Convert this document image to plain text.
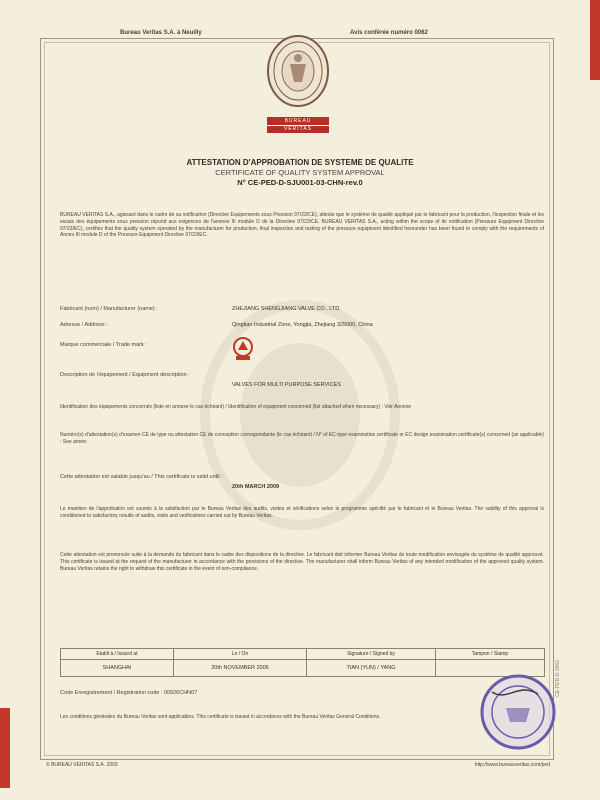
Bureau Veritas S.A. à Neuilly	Avis conférée numéro 0062
BUREAU
VERITAS
ATTESTATION D'APPROBATION DE SYSTEME DE QUALITE
CERTIFICATE OF QUALITY SYSTEM APPROVAL
N° CE-PED-D-SJU001-03-CHN-rev.0
BUREAU VERITAS S.A., agissant dans le cadre de sa notification (Directive Equipements sous Pression 97/23/CE), atteste que le système de qualité appliqué par le fabricant pour la production, l'inspection finale et les essais des équipements sous pression répond aux exigences de l'annexe III module D de la Directive 97/23/CE. BUREAU VERITAS S.A., acting within the scope of its notification (Pressure Equipment Directive 97/23/EC), certifies that the quality system operated by the manufacturer for production, final inspection and testing of the pressure equipment identified hereunder has been found to comply with the requirements of Annex III module D of the Pressure Equipment Directive 97/23/EC.
Fabricant (nom) / Manufacturer (name) :	ZHEJIANG SHENGJIANG VALVE CO., LTD.
Adresse / Address :	Qingtian Industrial Zone, Yongjia, Zhejiang 325000, China
Marque commerciale / Trade mark :
Description de l'équipement / Equipment description :
VALVES FOR MULTI PURPOSE SERVICES
Identification des équipements concernés (liste en annexe le cas échéant) / Identification of equipment concerned (list attached when necessary) : Voir Annexe
Numéro(s) d'attestation(s) d'examen CE de type ou attestation CE de conception correspondante (le cas échéant) / N° of EC-type examination certificate or EC design examination certificate(s) concerned (as applicable) : See annex
Cette attestation est valable jusqu'au / This certificate is valid until :
20th MARCH 2009
Le maintien de l'approbation est soumis à la satisfaction par le Bureau Veritas des audits, visites et vérifications selon le programme spécifié par le fabricant et le Bureau Veritas. The validity of this approval is conditioned to satisfactory results of audits, visits and verifications carried out by Bureau Veritas.
Cette attestation est prononcée suite à la demande du fabricant dans le cadre des dispositions de la directive. Le fabricant doit informer Bureau Veritas de toute modification envisagée du système de qualité approuvé. This certificate is issued at the request of the manufacturer in accordance with the provisions of the directive. The manufacturer shall inform Bureau Veritas of any intended modification of the approved quality system. Bureau Veritas retains the right to withdraw this certificate in the event of non-compliance.
Etabli à / Issued at	Le / On	Signature / Signed by	Tampon / Stamp
SHANGHAI	20th NOVEMBER 2006	TIAN (YUN) / YANG	
Code Enregistrement / Registration code : 00926CHN07
Les conditions générales du Bureau Veritas sont applicables. This certificate is issued in accordance with the Bureau Veritas General Conditions.
CE-PED-D 0062
© BUREAU VERITAS S.A. 2003	http://www.bureauveritas.com/ped
